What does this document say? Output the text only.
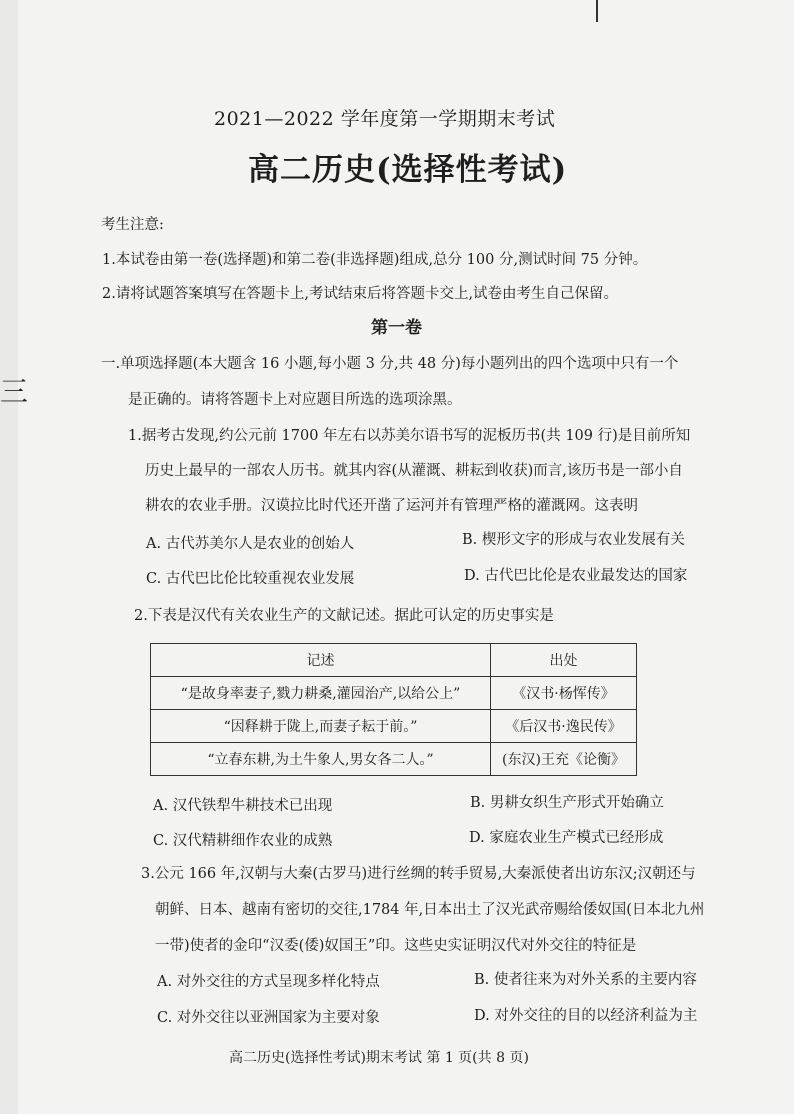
三
2021—2022 学年度第一学期期末考试
高二历史(选择性考试)
考生注意:
1.本试卷由第一卷(选择题)和第二卷(非选择题)组成,总分 100 分,测试时间 75 分钟。
2.请将试题答案填写在答题卡上,考试结束后将答题卡交上,试卷由考生自己保留。
第一卷
一.单项选择题(本大题含 16 小题,每小题 3 分,共 48 分)每小题列出的四个选项中只有一个
是正确的。请将答题卡上对应题目所选的选项涂黑。
1.据考古发现,约公元前 1700 年左右以苏美尔语书写的泥板历书(共 109 行)是目前所知
历史上最早的一部农人历书。就其内容(从灌溉、耕耘到收获)而言,该历书是一部小自
耕农的农业手册。汉谟拉比时代还开凿了运河并有管理严格的灌溉网。这表明
A. 古代苏美尔人是农业的创始人	B. 楔形文字的形成与农业发展有关
C. 古代巴比伦比较重视农业发展	D. 古代巴比伦是农业最发达的国家
2.下表是汉代有关农业生产的文献记述。据此可认定的历史事实是
记述	出处
“是故身率妻子,戮力耕桑,灌园治产,以给公上”	《汉书·杨恽传》
“因释耕于陇上,而妻子耘于前。”	《后汉书·逸民传》
“立春东耕,为土牛象人,男女各二人。”	(东汉)王充《论衡》
A. 汉代铁犁牛耕技术已出现	B. 男耕女织生产形式开始确立
C. 汉代精耕细作农业的成熟	D. 家庭农业生产模式已经形成
3.公元 166 年,汉朝与大秦(古罗马)进行丝绸的转手贸易,大秦派使者出访东汉;汉朝还与
朝鲜、日本、越南有密切的交往,1784 年,日本出土了汉光武帝赐给倭奴国(日本北九州
一带)使者的金印“汉委(倭)奴国王”印。这些史实证明汉代对外交往的特征是
A. 对外交往的方式呈现多样化特点	B. 使者往来为对外关系的主要内容
C. 对外交往以亚洲国家为主要对象	D. 对外交往的目的以经济利益为主
高二历史(选择性考试)期末考试 第 1 页(共 8 页)
